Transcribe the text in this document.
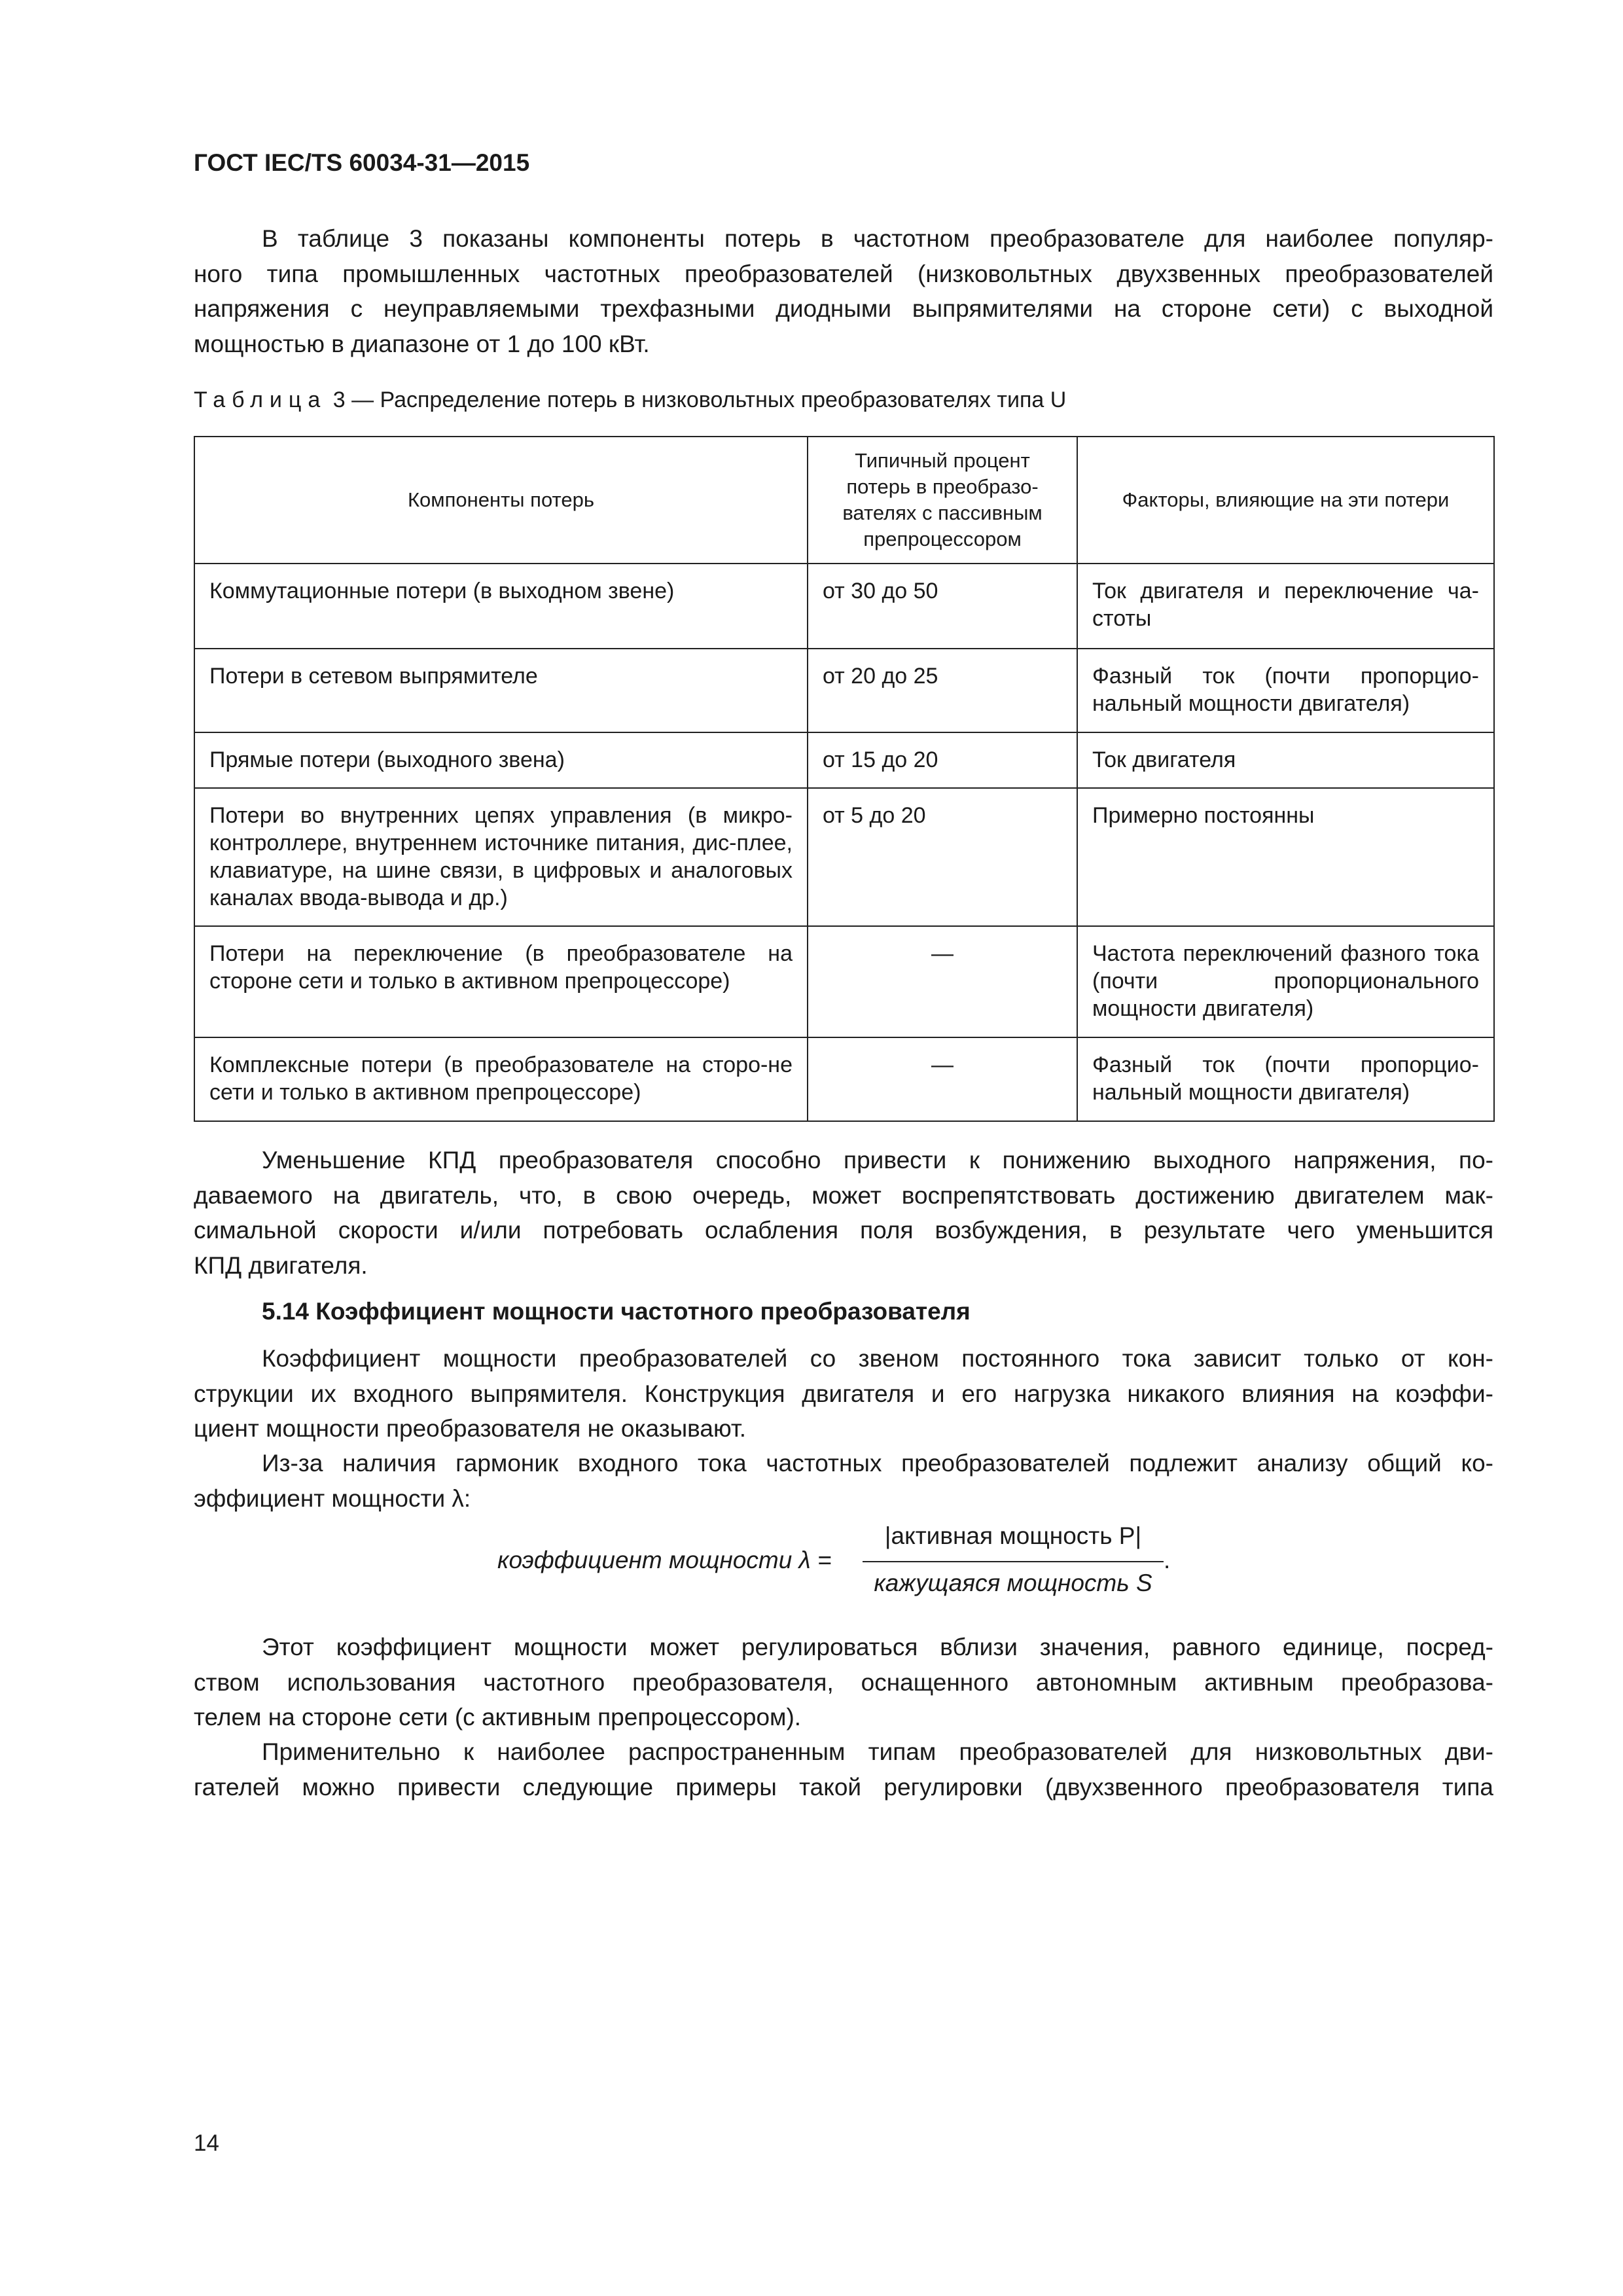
ГОСТ IEC/TS 60034-31—2015
В таблице 3 показаны компоненты потерь в частотном преобразователе для наиболее популяр-
ного типа промышленных частотных преобразователей (низковольтных двухзвенных преобразователей
напряжения с неуправляемыми трехфазными диодными выпрямителями на стороне сети) с выходной
мощностью в диапазоне от 1 до 100 кВт.
Таблица 3 — Распределение потерь в низковольтных преобразователях типа U
Компоненты потерь	Типичный процент потерь в преобразо-вателях с пассивным препроцессором	Факторы, влияющие на эти потери
Коммутационные потери (в выходном звене)	от 30 до 50	Ток двигателя и переключение ча-стоты
Потери в сетевом выпрямителе	от 20 до 25	Фазный ток (почти пропорцио-нальный мощности двигателя)
Прямые потери (выходного звена)	от 15 до 20	Ток двигателя
Потери во внутренних цепях управления (в микро-контроллере, внутреннем источнике питания, дис-плее, клавиатуре, на шине связи, в цифровых и аналоговых каналах ввода-вывода и др.)	от 5 до 20	Примерно постоянны
Потери на переключение (в преобразователе на стороне сети и только в активном препроцессоре)	—	Частота переключений фазного тока (почти пропорционального мощности двигателя)
Комплексные потери (в преобразователе на сторо-не сети и только в активном препроцессоре)	—	Фазный ток (почти пропорцио-нальный мощности двигателя)
Уменьшение КПД преобразователя способно привести к понижению выходного напряжения, по-
даваемого на двигатель, что, в свою очередь, может воспрепятствовать достижению двигателем мак-
симальной скорости и/или потребовать ослабления поля возбуждения, в результате чего уменьшится
КПД двигателя.
5.14 Коэффициент мощности частотного преобразователя
Коэффициент мощности преобразователей со звеном постоянного тока зависит только от кон-
струкции их входного выпрямителя. Конструкция двигателя и его нагрузка никакого влияния на коэффи-
циент мощности преобразователя не оказывают.
Из-за наличия гармоник входного тока частотных преобразователей подлежит анализу общий ко-
эффициент мощности λ:
коэффициент мощности λ =
|активная мощность P|
кажущаяся мощность S
.
Этот коэффициент мощности может регулироваться вблизи значения, равного единице, посред-
ством использования частотного преобразователя, оснащенного автономным активным преобразова-
телем на стороне сети (с активным препроцессором).
Применительно к наиболее распространенным типам преобразователей для низковольтных дви-
гателей можно привести следующие примеры такой регулировки (двухзвенного преобразователя типа
14
